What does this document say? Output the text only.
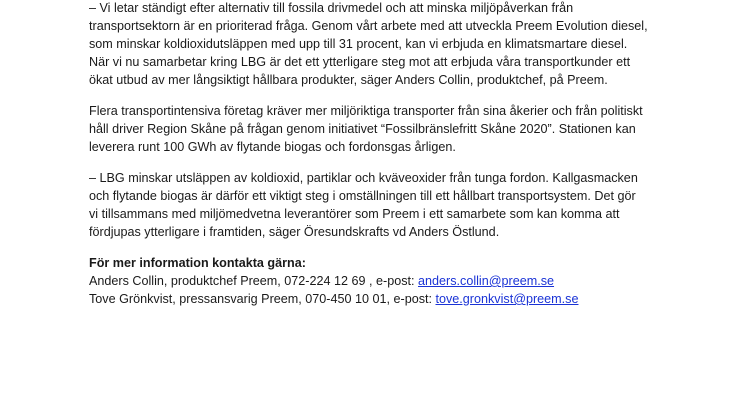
– Vi letar ständigt efter alternativ till fossila drivmedel och att minska miljöpåverkan från
transportsektorn är en prioriterad fråga. Genom vårt arbete med att utveckla Preem Evolution diesel,
som minskar koldioxidutsläppen med upp till 31 procent, kan vi erbjuda en klimatsmartare diesel.
När vi nu samarbetar kring LBG är det ett ytterligare steg mot att erbjuda våra transportkunder ett
ökat utbud av mer långsiktigt hållbara produkter, säger Anders Collin, produktchef, på Preem.
Flera transportintensiva företag kräver mer miljöriktiga transporter från sina åkerier och från politiskt
håll driver Region Skåne på frågan genom initiativet “Fossilbränslefritt Skåne 2020”. Stationen kan
leverera runt 100 GWh av flytande biogas och fordonsgas årligen.
– LBG minskar utsläppen av koldioxid, partiklar och kväveoxider från tunga fordon. Kallgasmacken
och flytande biogas är därför ett viktigt steg i omställningen till ett hållbart transportsystem. Det gör
vi tillsammans med miljömedvetna leverantörer som Preem i ett samarbete som kan komma att
fördjupas ytterligare i framtiden, säger Öresundskrafts vd Anders Östlund.
För mer information kontakta gärna:
Anders Collin, produktchef Preem, 072-224 12 69 , e-post: anders.collin@preem.se
Tove Grönkvist, pressansvarig Preem, 070-450 10 01, e-post: tove.gronkvist@preem.se
